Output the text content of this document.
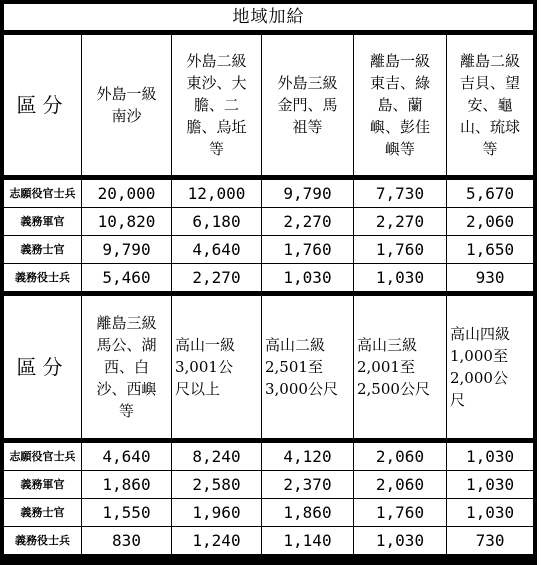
地域加給					

區分	外島一級
南沙	外島二級
東沙、大
膽、二
膽、烏坵
等	外島三級
金門、馬
祖等	離島一級
東吉、綠
島、蘭
嶼、彭佳
嶼等	離島二級
吉貝、望
安、龜
山、琉球
等

志願役官士兵	20,000	12,000	9,790	7,730	5,670
義務軍官	10,820	6,180	2,270	2,270	2,060
義務士官	9,790	4,640	1,760	1,760	1,650
義務役士兵	5,460	2,270	1,030	1,030	930

區分	離島三級
馬公、湖
西、白
沙、西嶼
等	高山一級
3,001公
尺以上	高山二級
2,501至
3,000公尺	高山三級
2,001至
2,500公尺	高山四級
1,000至
2,000公
尺

志願役官士兵	4,640	8,240	4,120	2,060	1,030
義務軍官	1,860	2,580	2,370	2,060	1,030
義務士官	1,550	1,960	1,860	1,760	1,030
義務役士兵	830	1,240	1,140	1,030	730
